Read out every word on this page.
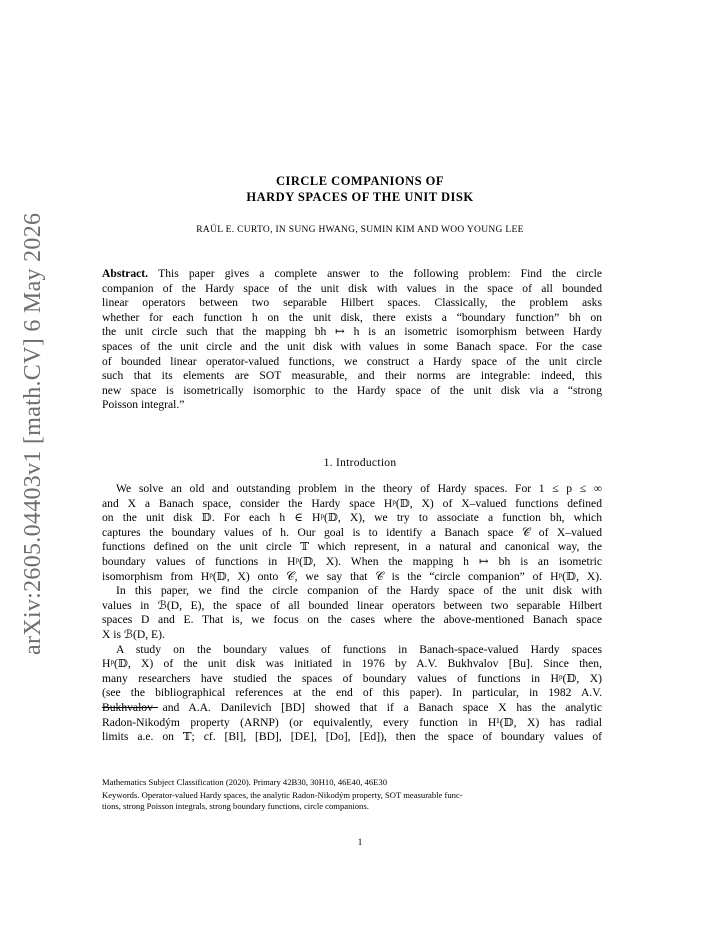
arXiv:2605.04403v1 [math.CV] 6 May 2026
CIRCLE COMPANIONS OF
HARDY SPACES OF THE UNIT DISK
RAÚL E. CURTO, IN SUNG HWANG, SUMIN KIM AND WOO YOUNG LEE
Abstract. This paper gives a complete answer to the following problem: Find the circle
companion of the Hardy space of the unit disk with values in the space of all bounded
linear operators between two separable Hilbert spaces. Classically, the problem asks
whether for each function h on the unit disk, there exists a “boundary function” bh on
the unit circle such that the mapping bh ↦ h is an isometric isomorphism between Hardy
spaces of the unit circle and the unit disk with values in some Banach space. For the case
of bounded linear operator-valued functions, we construct a Hardy space of the unit circle
such that its elements are SOT measurable, and their norms are integrable: indeed, this
new space is isometrically isomorphic to the Hardy space of the unit disk via a “strong
Poisson integral.”
1. Introduction
We solve an old and outstanding problem in the theory of Hardy spaces. For 1 ≤ p ≤ ∞
and X a Banach space, consider the Hardy space Hᵖ(𝔻, X) of X–valued functions defined
on the unit disk 𝔻. For each h ∈ Hᵖ(𝔻, X), we try to associate a function bh, which
captures the boundary values of h. Our goal is to identify a Banach space 𝒞 of X–valued
functions defined on the unit circle 𝕋 which represent, in a natural and canonical way, the
boundary values of functions in Hᵖ(𝔻, X). When the mapping h ↦ bh is an isometric
isomorphism from Hᵖ(𝔻, X) onto 𝒞, we say that 𝒞 is the “circle companion” of Hᵖ(𝔻, X).
In this paper, we find the circle companion of the Hardy space of the unit disk with
values in ℬ(D, E), the space of all bounded linear operators between two separable Hilbert
spaces D and E. That is, we focus on the cases where the above-mentioned Banach space
X is ℬ(D, E).
A study on the boundary values of functions in Banach-space-valued Hardy spaces
Hᵖ(𝔻, X) of the unit disk was initiated in 1976 by A.V. Bukhvalov [Bu]. Since then,
many researchers have studied the spaces of boundary values of functions in Hᵖ(𝔻, X)
(see the bibliographical references at the end of this paper). In particular, in 1982 A.V.
Bukhvalov and A.A. Danilevich [BD] showed that if a Banach space X has the analytic
Radon-Nikodým property (ARNP) (or equivalently, every function in H¹(𝔻, X) has radial
limits a.e. on 𝕋; cf. [Bl], [BD], [DE], [Do], [Ed]), then the space of boundary values of
Mathematics Subject Classification (2020). Primary 42B30, 30H10, 46E40, 46E30
Keywords. Operator-valued Hardy spaces, the analytic Radon-Nikodým property, SOT measurable func-
tions, strong Poisson integrals, strong boundary functions, circle companions.
1
